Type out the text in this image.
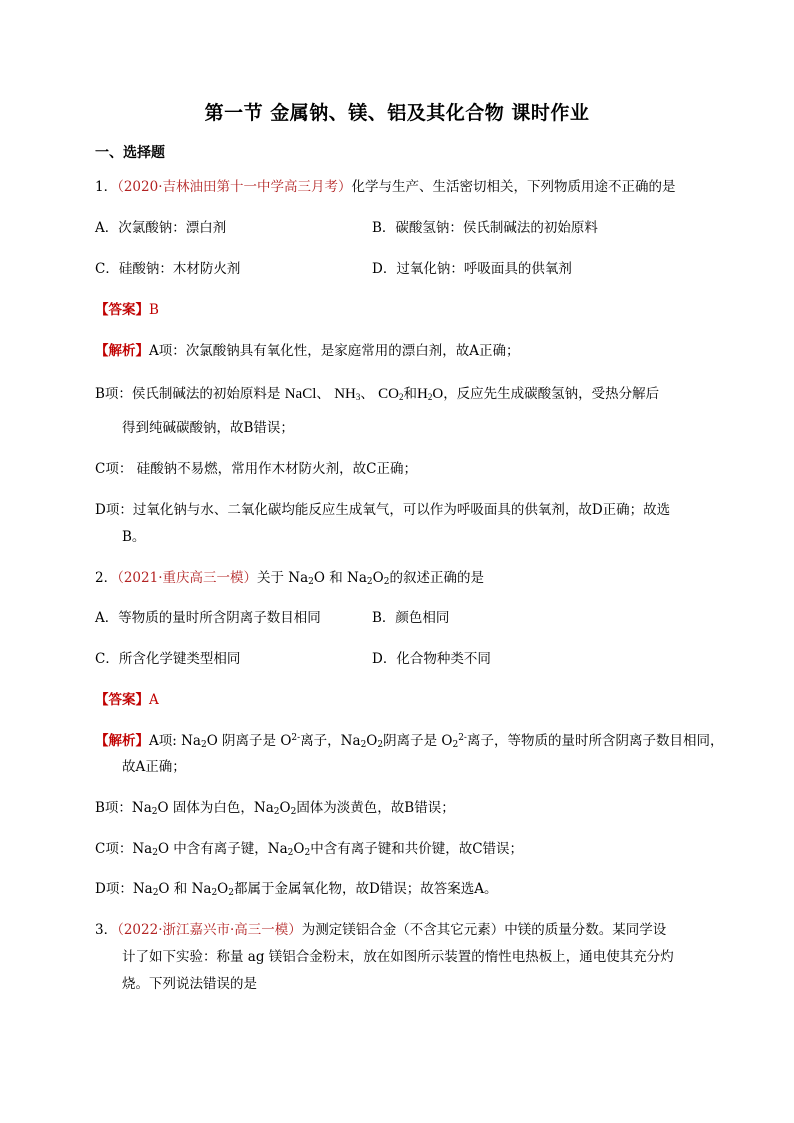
第一节 金属钠、镁、铝及其化合物 课时作业
一、选择题
1．（2020·吉林油田第十一中学高三月考）化学与生产、生活密切相关，下列物质用途不正确的是
A．次氯酸钠：漂白剂	B．碳酸氢钠：侯氏制碱法的初始原料
C．硅酸钠：木材防火剂	D．过氧化钠：呼吸面具的供氧剂
【答案】B
【解析】A项：次氯酸钠具有氧化性，是家庭常用的漂白剂，故A正确；
B项：侯氏制碱法的初始原料是 NaCl、 $NH_3$、 $CO_2$和$H_2O$，反应先生成碳酸氢钠，受热分解后
得到纯碱碳酸钠，故B错误；
C项： 硅酸钠不易燃，常用作木材防火剂，故C正确；
D项：过氧化钠与水、二氧化碳均能反应生成氧气，可以作为呼吸面具的供氧剂，故D正确；故选
B。
2．（2021·重庆高三一模）关于 $Na_2O$ 和 $Na_2O_2$的叙述正确的是
A．等物质的量时所含阴离子数目相同	B．颜色相同
C．所含化学键类型相同	D．化合物种类不同
【答案】A
【解析】A项: $Na_2O$ 阴离子是 $O^{2-}$离子，$Na_2O_2$阴离子是 $O_2^{2-}$离子，等物质的量时所含阴离子数目相同，
故A正确；
B项：$Na_2O$ 固体为白色，$Na_2O_2$固体为淡黄色，故B错误；
C项：$Na_2O$ 中含有离子键，$Na_2O_2$中含有离子键和共价键，故C错误；
D项：$Na_2O$ 和 $Na_2O_2$都属于金属氧化物，故D错误；故答案选A。
3．（2022·浙江嘉兴市·高三一模）为测定镁铝合金（不含其它元素）中镁的质量分数。某同学设
计了如下实验：称量 ag 镁铝合金粉末，放在如图所示装置的惰性电热板上，通电使其充分灼
烧。下列说法错误的是
